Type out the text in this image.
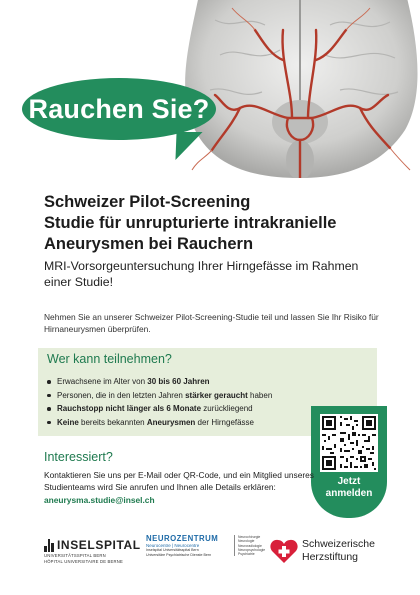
Rauchen Sie?
Schweizer Pilot-Screening
Studie für unrupturierte intrakranielle
Aneurysmen bei Rauchern
MRI-Vorsorgeuntersuchung Ihrer Hirngefässe im Rahmen einer Studie!
Nehmen Sie an unserer Schweizer Pilot-Screening-Studie teil und lassen Sie Ihr Risiko für Hirnaneurysmen überprüfen.
Wer kann teilnehmen?
Erwachsene im Alter von 30 bis 60 Jahren
Personen, die in den letzten Jahren stärker geraucht haben
Rauchstopp nicht länger als 6 Monate zurückliegend
Keine bereits bekannten Aneurysmen der Hirngefässe
Jetzt
anmelden
Interessiert?
Kontaktieren Sie uns per E-Mail oder QR-Code, und ein Mitglied unseres Studienteams wird Sie anrufen und Ihnen alle Details erklären: aneurysma.studie@insel.ch
INSELSPITAL
UNIVERSITÄTSSPITAL BERN
HÔPITAL UNIVERSITAIRE DE BERNE
NEUROZENTRUM
Neurocentre | Neurocentre
Inselspital Universitätsspital Bern
Universitäre Psychiatrische Dienste Bern
Neurochirurgie
Neurologie
Neuroradiologie
Neuropsychologie
Psychiatrie
Schweizerische
Herzstiftung
